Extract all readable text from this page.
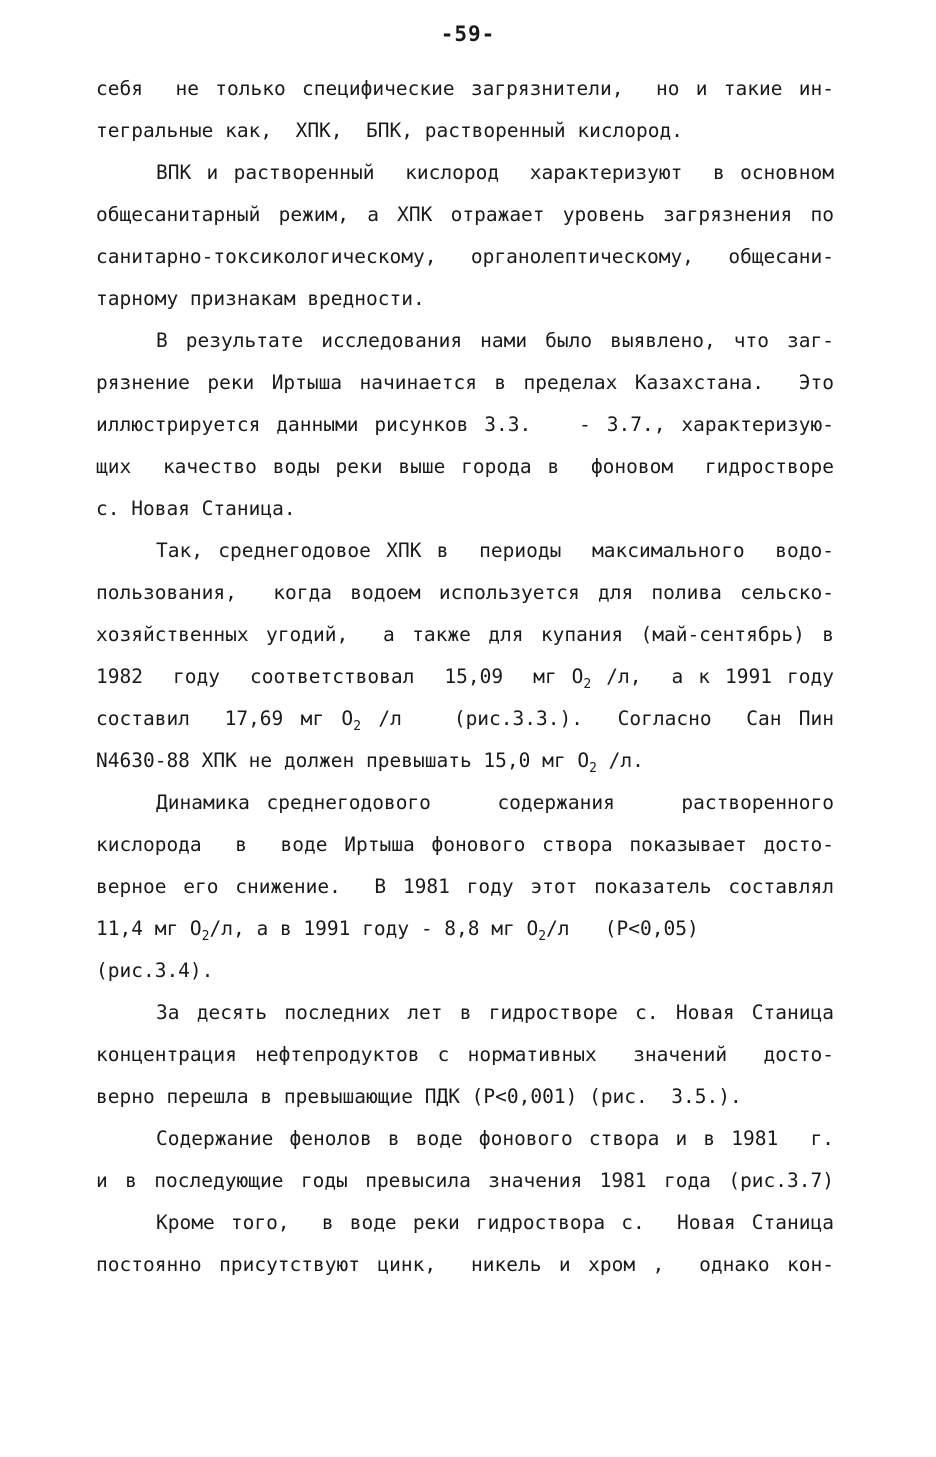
-59-
себя  не только специфические загрязнители,  но и такие ин-
тегральные как,  ХПК,  БПК, растворенный кислород.
ВПК и растворенный  кислород  характеризуют  в основном
общесанитарный режим, а ХПК отражает уровень загрязнения по
санитарно-токсикологическому, органолептическому, общесани-
тарному признакам вредности.
В результате исследования нами было выявлено, что заг-
рязнение реки Иртыша начинается в пределах Казахстана.  Это
иллюстрируется данными рисунков 3.3.   - 3.7., характеризую-
щих  качество воды реки выше города в  фоновом  гидростворе
с. Новая Станица.
Так, среднегодовое ХПК в  периоды  максимального  водо-
пользования,  когда водоем используется для полива сельско-
хозяйственных угодий,  а также для купания (май-сентябрь) в
1982  году  соответствовал  15,09  мг $O_2$ /л,  а к 1991 году
составил  17,69 мг $O_2$ /л   (рис.3.3.).  Согласно  Сан Пин
N4630-88 ХПК не должен превышать 15,0 мг $O_2$ /л.
Динамика среднегодового    содержания    растворенного
кислорода  в  воде Иртыша фонового створа показывает досто-
верное его снижение.  В 1981 году этот показатель составлял
11,4 мг $O_2/л$, а в 1991 году - 8,8 мг $O_2/л$   (Р<0,05)
(рис.3.4).
За десять последних лет в гидростворе с. Новая Станица
концентрация нефтепродуктов с нормативных  значений  досто-
верно перешла в превышающие ПДК (Р<0,001) (рис.  3.5.).
Содержание фенолов в воде фонового створа и в 1981  г.
и в последующие годы превысила значения 1981 года (рис.3.7)
Кроме того,  в воде реки гидроствора с.  Новая Станица
постоянно присутствуют цинк,  никель и хром ,  однако кон-
